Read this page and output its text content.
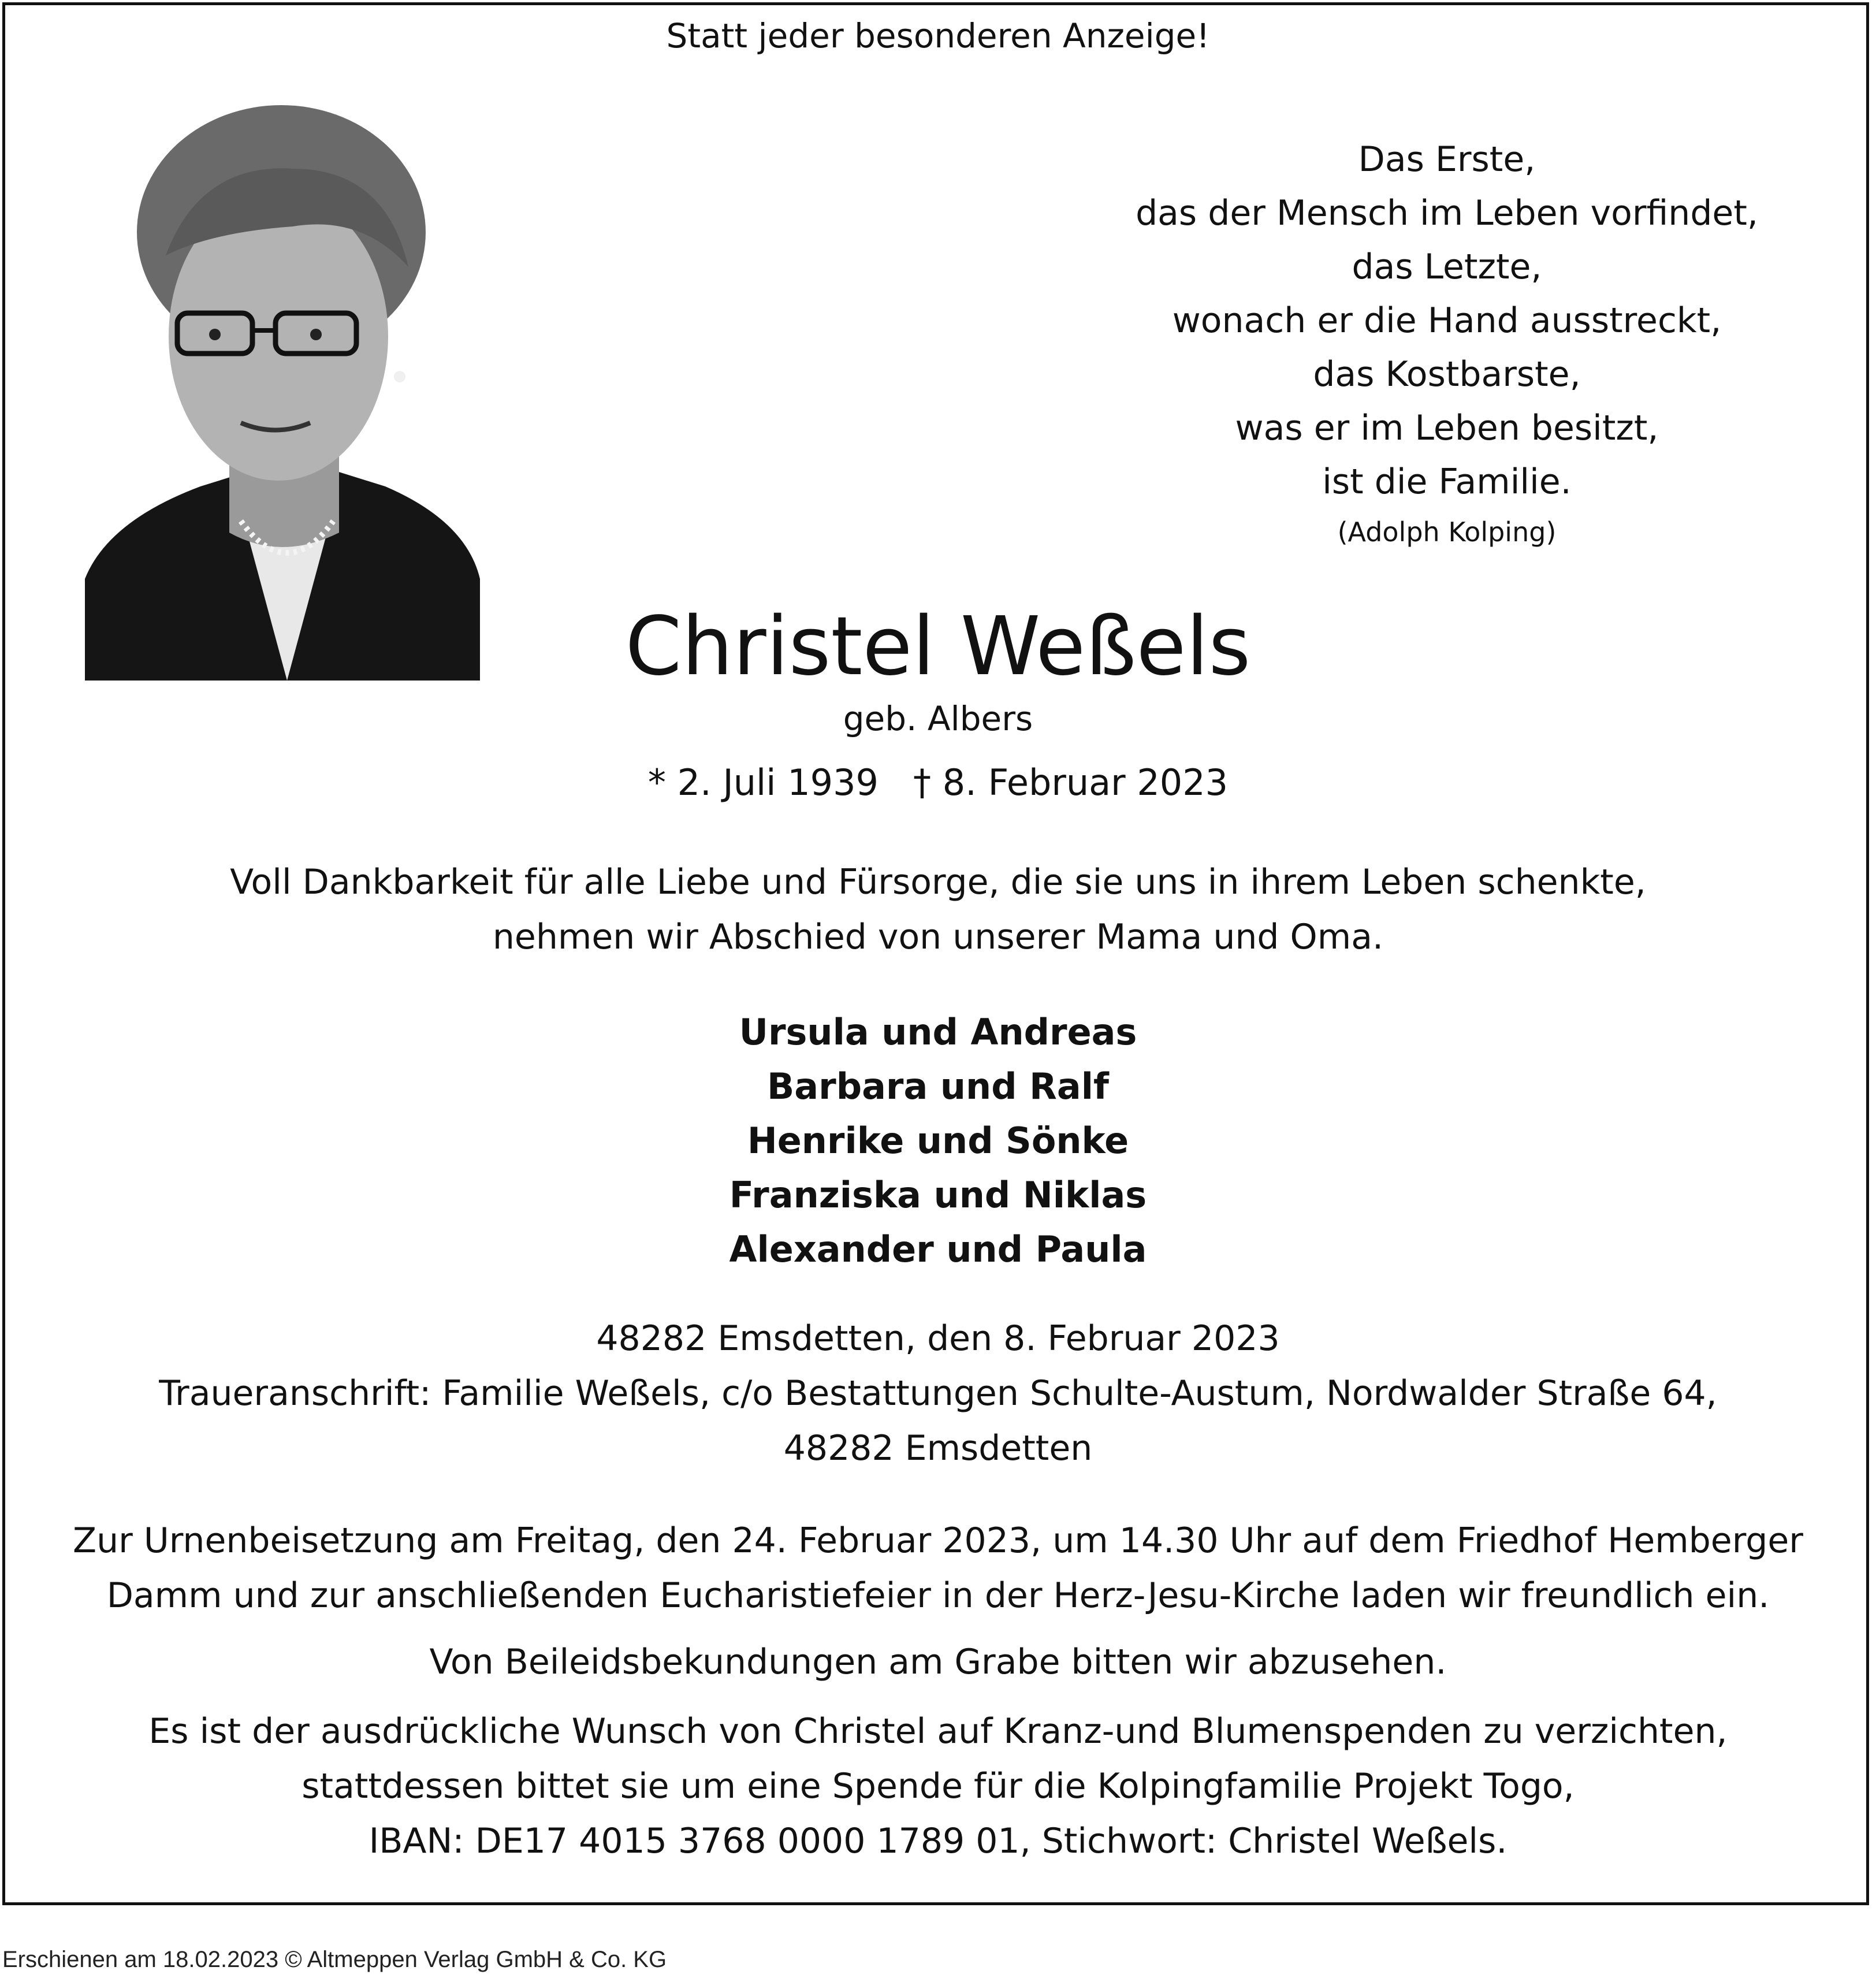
Statt jeder besonderen Anzeige!
Das Erste,
das der Mensch im Leben vorfindet,
das Letzte,
wonach er die Hand ausstreckt,
das Kostbarste,
was er im Leben besitzt,
ist die Familie.
(Adolph Kolping)
Christel Weßels
geb. Albers
* 2. Juli 1939 † 8. Februar 2023
Voll Dankbarkeit für alle Liebe und Fürsorge, die sie uns in ihrem Leben schenkte,
nehmen wir Abschied von unserer Mama und Oma.
Ursula und Andreas
Barbara und Ralf
Henrike und Sönke
Franziska und Niklas
Alexander und Paula
48282 Emsdetten, den 8. Februar 2023
Traueranschrift: Familie Weßels, c/o Bestattungen Schulte-Austum, Nordwalder Straße 64,
48282 Emsdetten
Zur Urnenbeisetzung am Freitag, den 24. Februar 2023, um 14.30 Uhr auf dem Friedhof Hemberger
Damm und zur anschließenden Eucharistiefeier in der Herz-Jesu-Kirche laden wir freundlich ein.
Von Beileidsbekundungen am Grabe bitten wir abzusehen.
Es ist der ausdrückliche Wunsch von Christel auf Kranz-und Blumenspenden zu verzichten,
stattdessen bittet sie um eine Spende für die Kolpingfamilie Projekt Togo,
IBAN: DE17 4015 3768 0000 1789 01, Stichwort: Christel Weßels.
Erschienen am 18.02.2023 © Altmeppen Verlag GmbH & Co. KG
